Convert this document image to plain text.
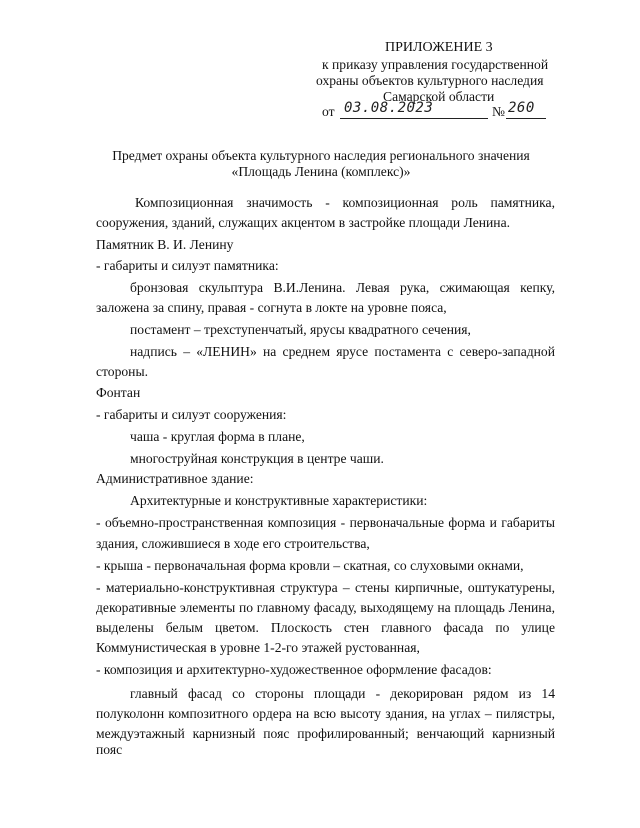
ПРИЛОЖЕНИЕ 3
к приказу управления государственной
охраны объектов культурного наследия
Самарской области
от 03.08.2023	№ 260
Предмет охраны объекта культурного наследия регионального значения
«Площадь Ленина (комплекс)»
Композиционная значимость - композиционная роль памятника,
сооружения, зданий, служащих акцентом в застройке площади Ленина.
Памятник В. И. Ленину
- габариты и силуэт памятника:
бронзовая скульптура В.И.Ленина. Левая рука, сжимающая кепку,
заложена за спину, правая - согнута в локте на уровне пояса,
постамент – трехступенчатый, ярусы квадратного сечения,
надпись – «ЛЕНИН» на среднем ярусе постамента с северо-западной
стороны.
Фонтан
- габариты и силуэт сооружения:
чаша - круглая форма в плане,
многоструйная конструкция в центре чаши.
Административное здание:
Архитектурные и конструктивные характеристики:
- объемно-пространственная композиция - первоначальные форма и габариты
здания, сложившиеся в ходе его строительства,
- крыша - первоначальная форма кровли – скатная, со слуховыми окнами,
- материально-конструктивная структура – стены кирпичные, оштукатурены,
декоративные элементы по главному фасаду, выходящему на площадь Ленина,
выделены белым цветом. Плоскость стен главного фасада по улице
Коммунистическая в уровне 1-2-го этажей рустованная,
- композиция и архитектурно-художественное оформление фасадов:
главный фасад со стороны площади - декорирован рядом из 14
полуколонн композитного ордера на всю высоту здания, на углах – пилястры,
междуэтажный карнизный пояс профилированный; венчающий карнизный пояс
